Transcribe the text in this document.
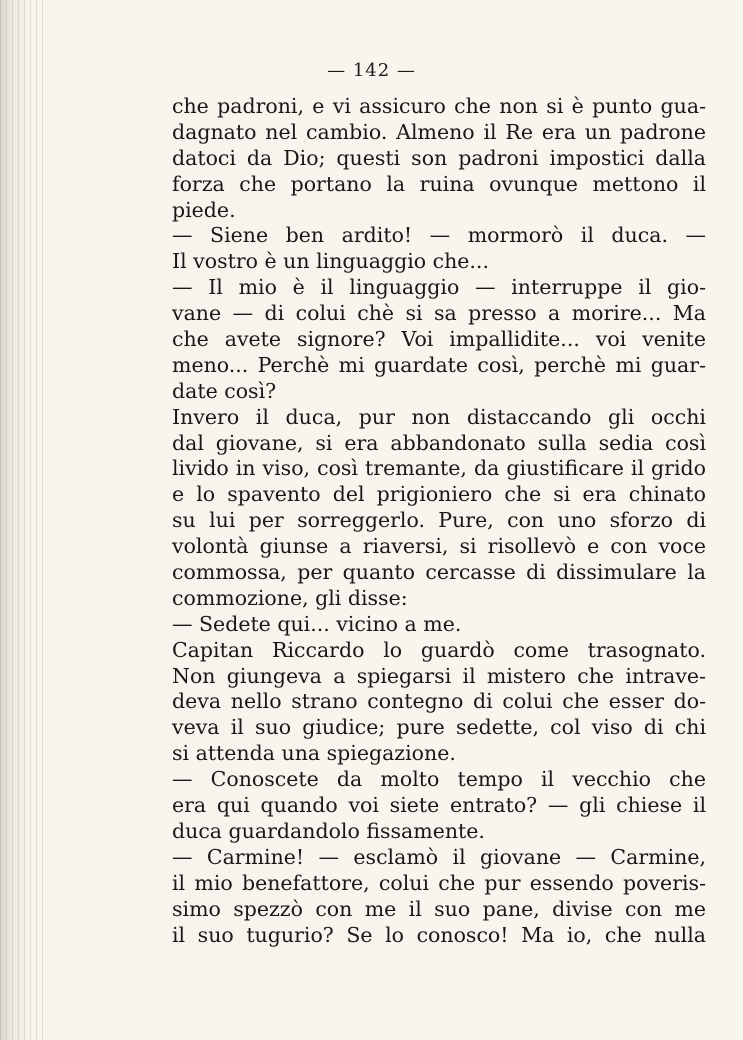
— 142 —
che padroni, e vi assicuro che non si è punto gua-
dagnato nel cambio. Almeno il Re era un padrone
datoci da Dio; questi son padroni impostici dalla
forza che portano la ruina ovunque mettono il
piede.
— Siene ben ardito! — mormorò il duca. —
Il vostro è un linguaggio che...
— Il mio è il linguaggio — interruppe il gio-
vane — di colui chè si sa presso a morire... Ma
che avete signore? Voi impallidite... voi venite
meno... Perchè mi guardate così, perchè mi guar-
date così?
Invero il duca, pur non distaccando gli occhi
dal giovane, si era abbandonato sulla sedia così
livido in viso, così tremante, da giustificare il grido
e lo spavento del prigioniero che si era chinato
su lui per sorreggerlo. Pure, con uno sforzo di
volontà giunse a riaversi, si risollevò e con voce
commossa, per quanto cercasse di dissimulare la
commozione, gli disse:
— Sedete qui... vicino a me.
Capitan Riccardo lo guardò come trasognato.
Non giungeva a spiegarsi il mistero che intrave-
deva nello strano contegno di colui che esser do-
veva il suo giudice; pure sedette, col viso di chi
si attenda una spiegazione.
— Conoscete da molto tempo il vecchio che
era qui quando voi siete entrato? — gli chiese il
duca guardandolo fissamente.
— Carmine! — esclamò il giovane — Carmine,
il mio benefattore, colui che pur essendo poveris-
simo spezzò con me il suo pane, divise con me
il suo tugurio? Se lo conosco! Ma io, che nulla
